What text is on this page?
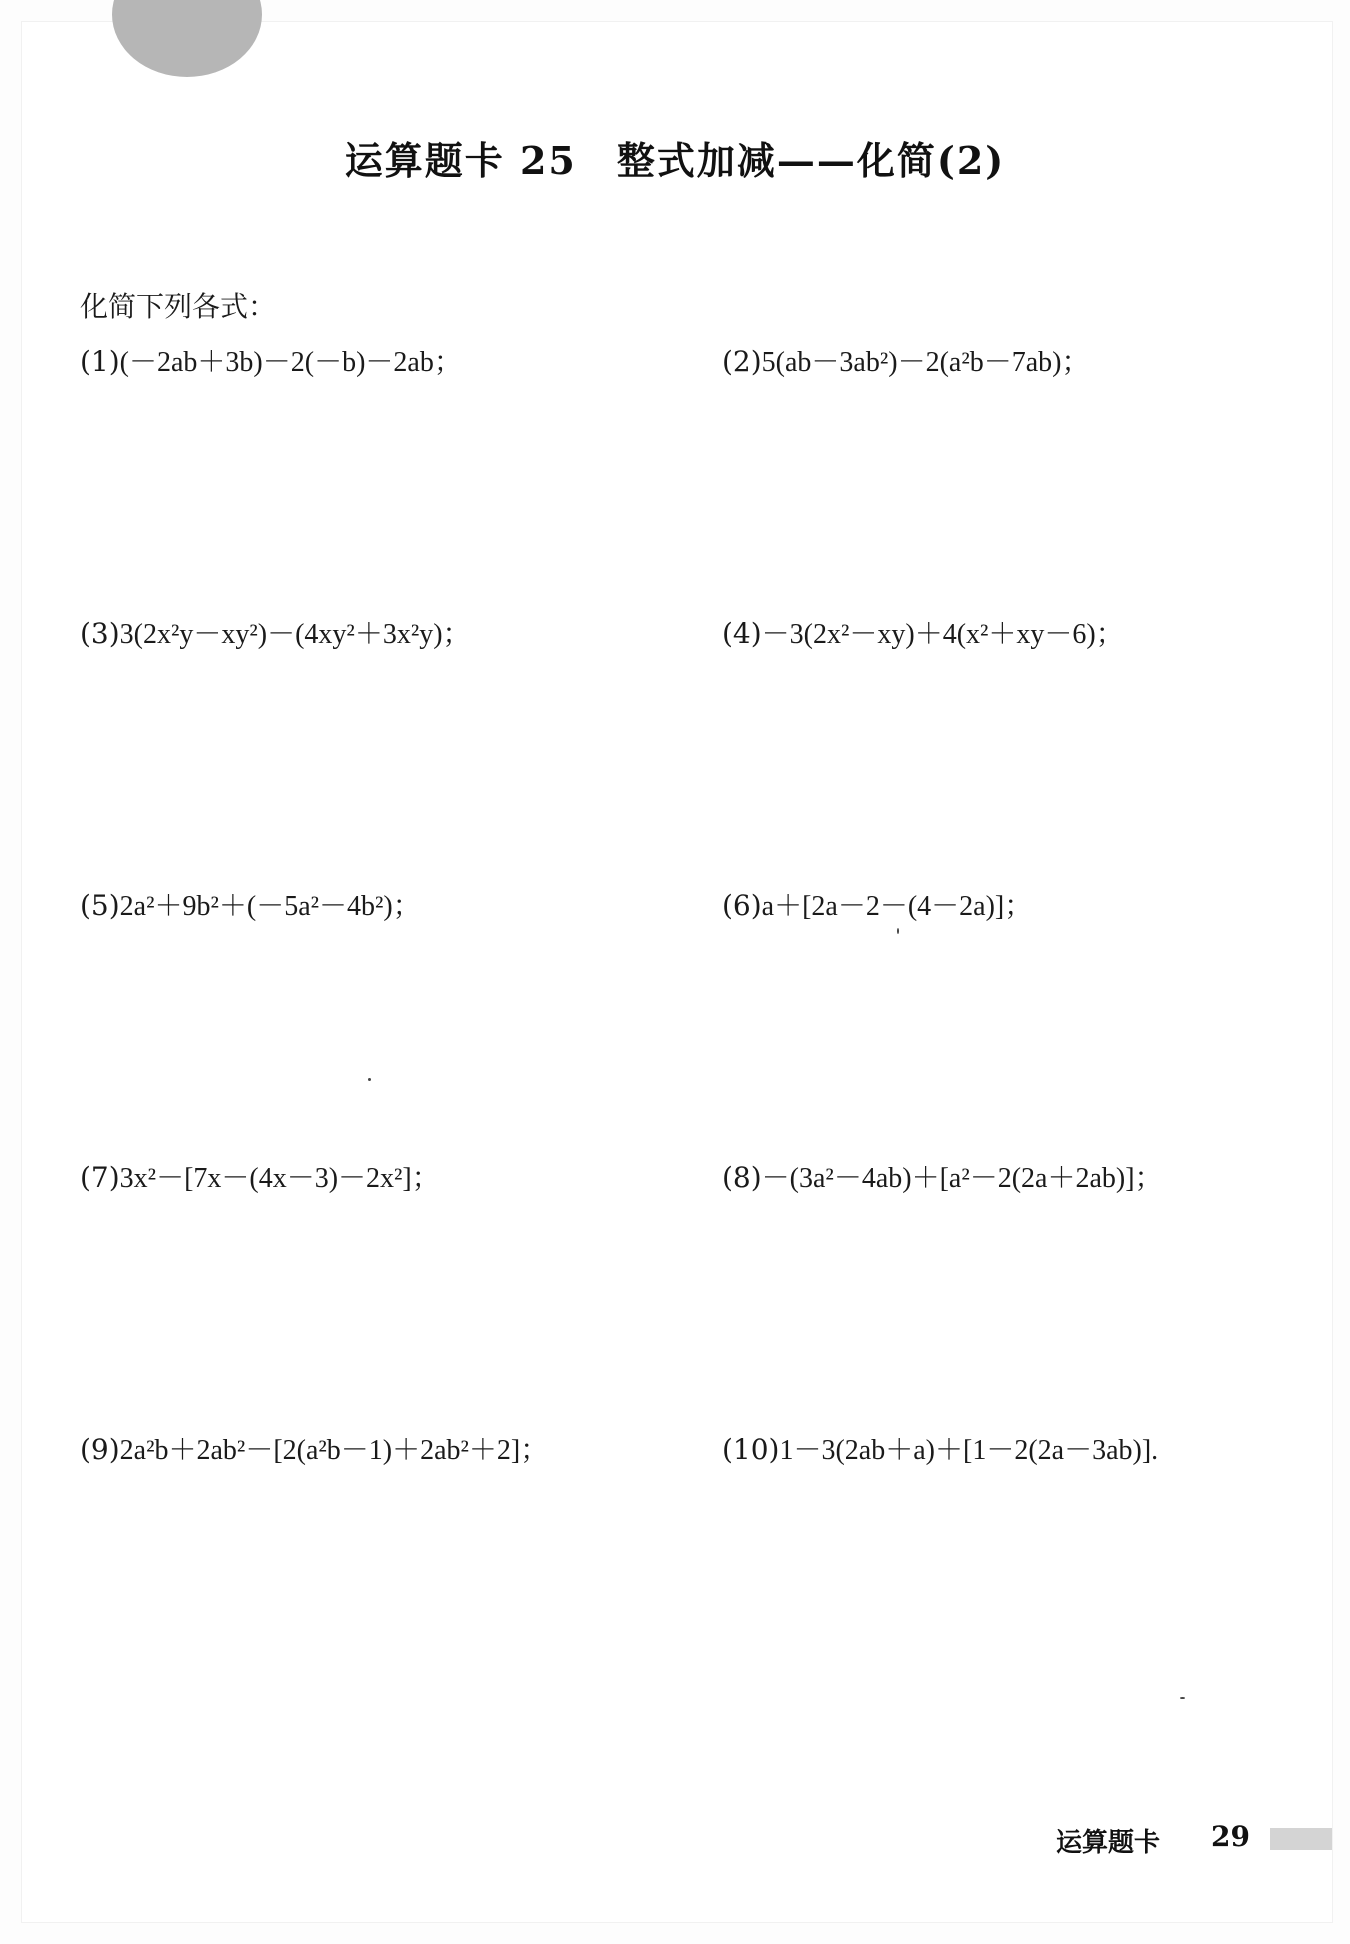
运算题卡 25　整式加减——化简(2)
化简下列各式：
(1)(－2ab＋3b)－2(－b)－2ab；	(2)5(ab－3ab²)－2(a²b－7ab)；
(3)3(2x²y－xy²)－(4xy²＋3x²y)；	(4)－3(2x²－xy)＋4(x²＋xy－6)；
(5)2a²＋9b²＋(－5a²－4b²)；	(6)a＋[2a－2－(4－2a)]；
(7)3x²－[7x－(4x－3)－2x²]；	(8)－(3a²－4ab)＋[a²－2(2a＋2ab)]；
(9)2a²b＋2ab²－[2(a²b－1)＋2ab²＋2]；	(10)1－3(2ab＋a)＋[1－2(2a－3ab)].
运算题卡 29
